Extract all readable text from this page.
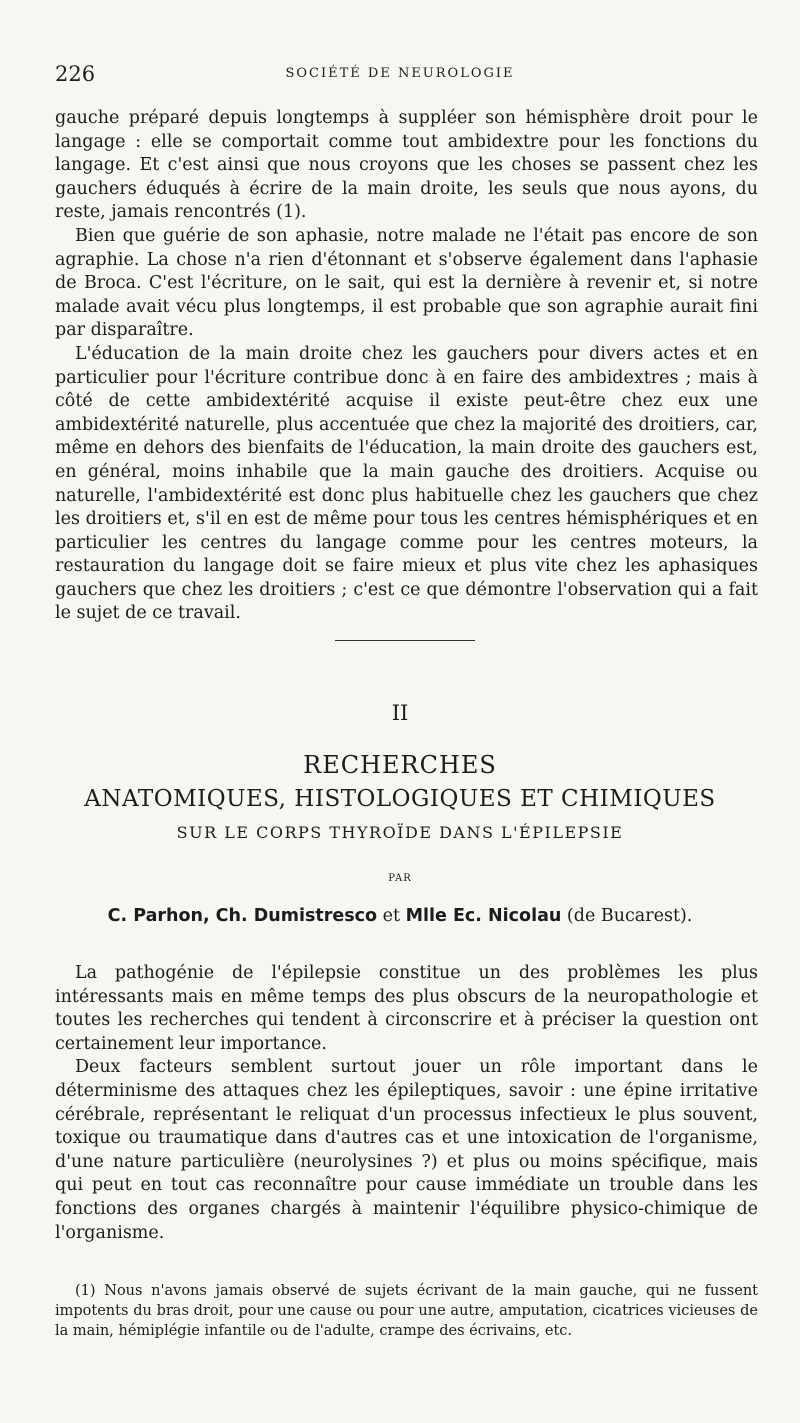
226	SOCIÉTÉ DE NEUROLOGIE

gauche préparé depuis longtemps à suppléer son hémisphère droit pour le langage : elle se comportait comme tout ambidextre pour les fonctions du langage. Et c'est ainsi que nous croyons que les choses se passent chez les gauchers éduqués à écrire de la main droite, les seuls que nous ayons, du reste, jamais rencontrés (1).

Bien que guérie de son aphasie, notre malade ne l'était pas encore de son agraphie. La chose n'a rien d'étonnant et s'observe également dans l'aphasie de Broca. C'est l'écriture, on le sait, qui est la dernière à revenir et, si notre malade avait vécu plus longtemps, il est probable que son agraphie aurait fini par disparaître.

L'éducation de la main droite chez les gauchers pour divers actes et en particulier pour l'écriture contribue donc à en faire des ambidextres ; mais à côté de cette ambidextérité acquise il existe peut-être chez eux une ambidextérité naturelle, plus accentuée que chez la majorité des droitiers, car, même en dehors des bienfaits de l'éducation, la main droite des gauchers est, en général, moins inhabile que la main gauche des droitiers. Acquise ou naturelle, l'ambidextérité est donc plus habituelle chez les gauchers que chez les droitiers et, s'il en est de même pour tous les centres hémisphériques et en particulier les centres du langage comme pour les centres moteurs, la restauration du langage doit se faire mieux et plus vite chez les aphasiques gauchers que chez les droitiers ; c'est ce que démontre l'observation qui a fait le sujet de ce travail.

II
RECHERCHES
ANATOMIQUES, HISTOLOGIQUES ET CHIMIQUES
SUR LE CORPS THYROÏDE DANS L'ÉPILEPSIE
PAR
C. Parhon, Ch. Dumistresco et Mlle Ec. Nicolau (de Bucarest).

La pathogénie de l'épilepsie constitue un des problèmes les plus intéressants mais en même temps des plus obscurs de la neuropathologie et toutes les recherches qui tendent à circonscrire et à préciser la question ont certainement leur importance.

Deux facteurs semblent surtout jouer un rôle important dans le déterminisme des attaques chez les épileptiques, savoir : une épine irritative cérébrale, représentant le reliquat d'un processus infectieux le plus souvent, toxique ou traumatique dans d'autres cas et une intoxication de l'organisme, d'une nature particulière (neurolysines ?) et plus ou moins spécifique, mais qui peut en tout cas reconnaître pour cause immédiate un trouble dans les fonctions des organes chargés à maintenir l'équilibre physico-chimique de l'organisme.

(1) Nous n'avons jamais observé de sujets écrivant de la main gauche, qui ne fussent impotents du bras droit, pour une cause ou pour une autre, amputation, cicatrices vicieuses de la main, hémiplégie infantile ou de l'adulte, crampe des écrivains, etc.
